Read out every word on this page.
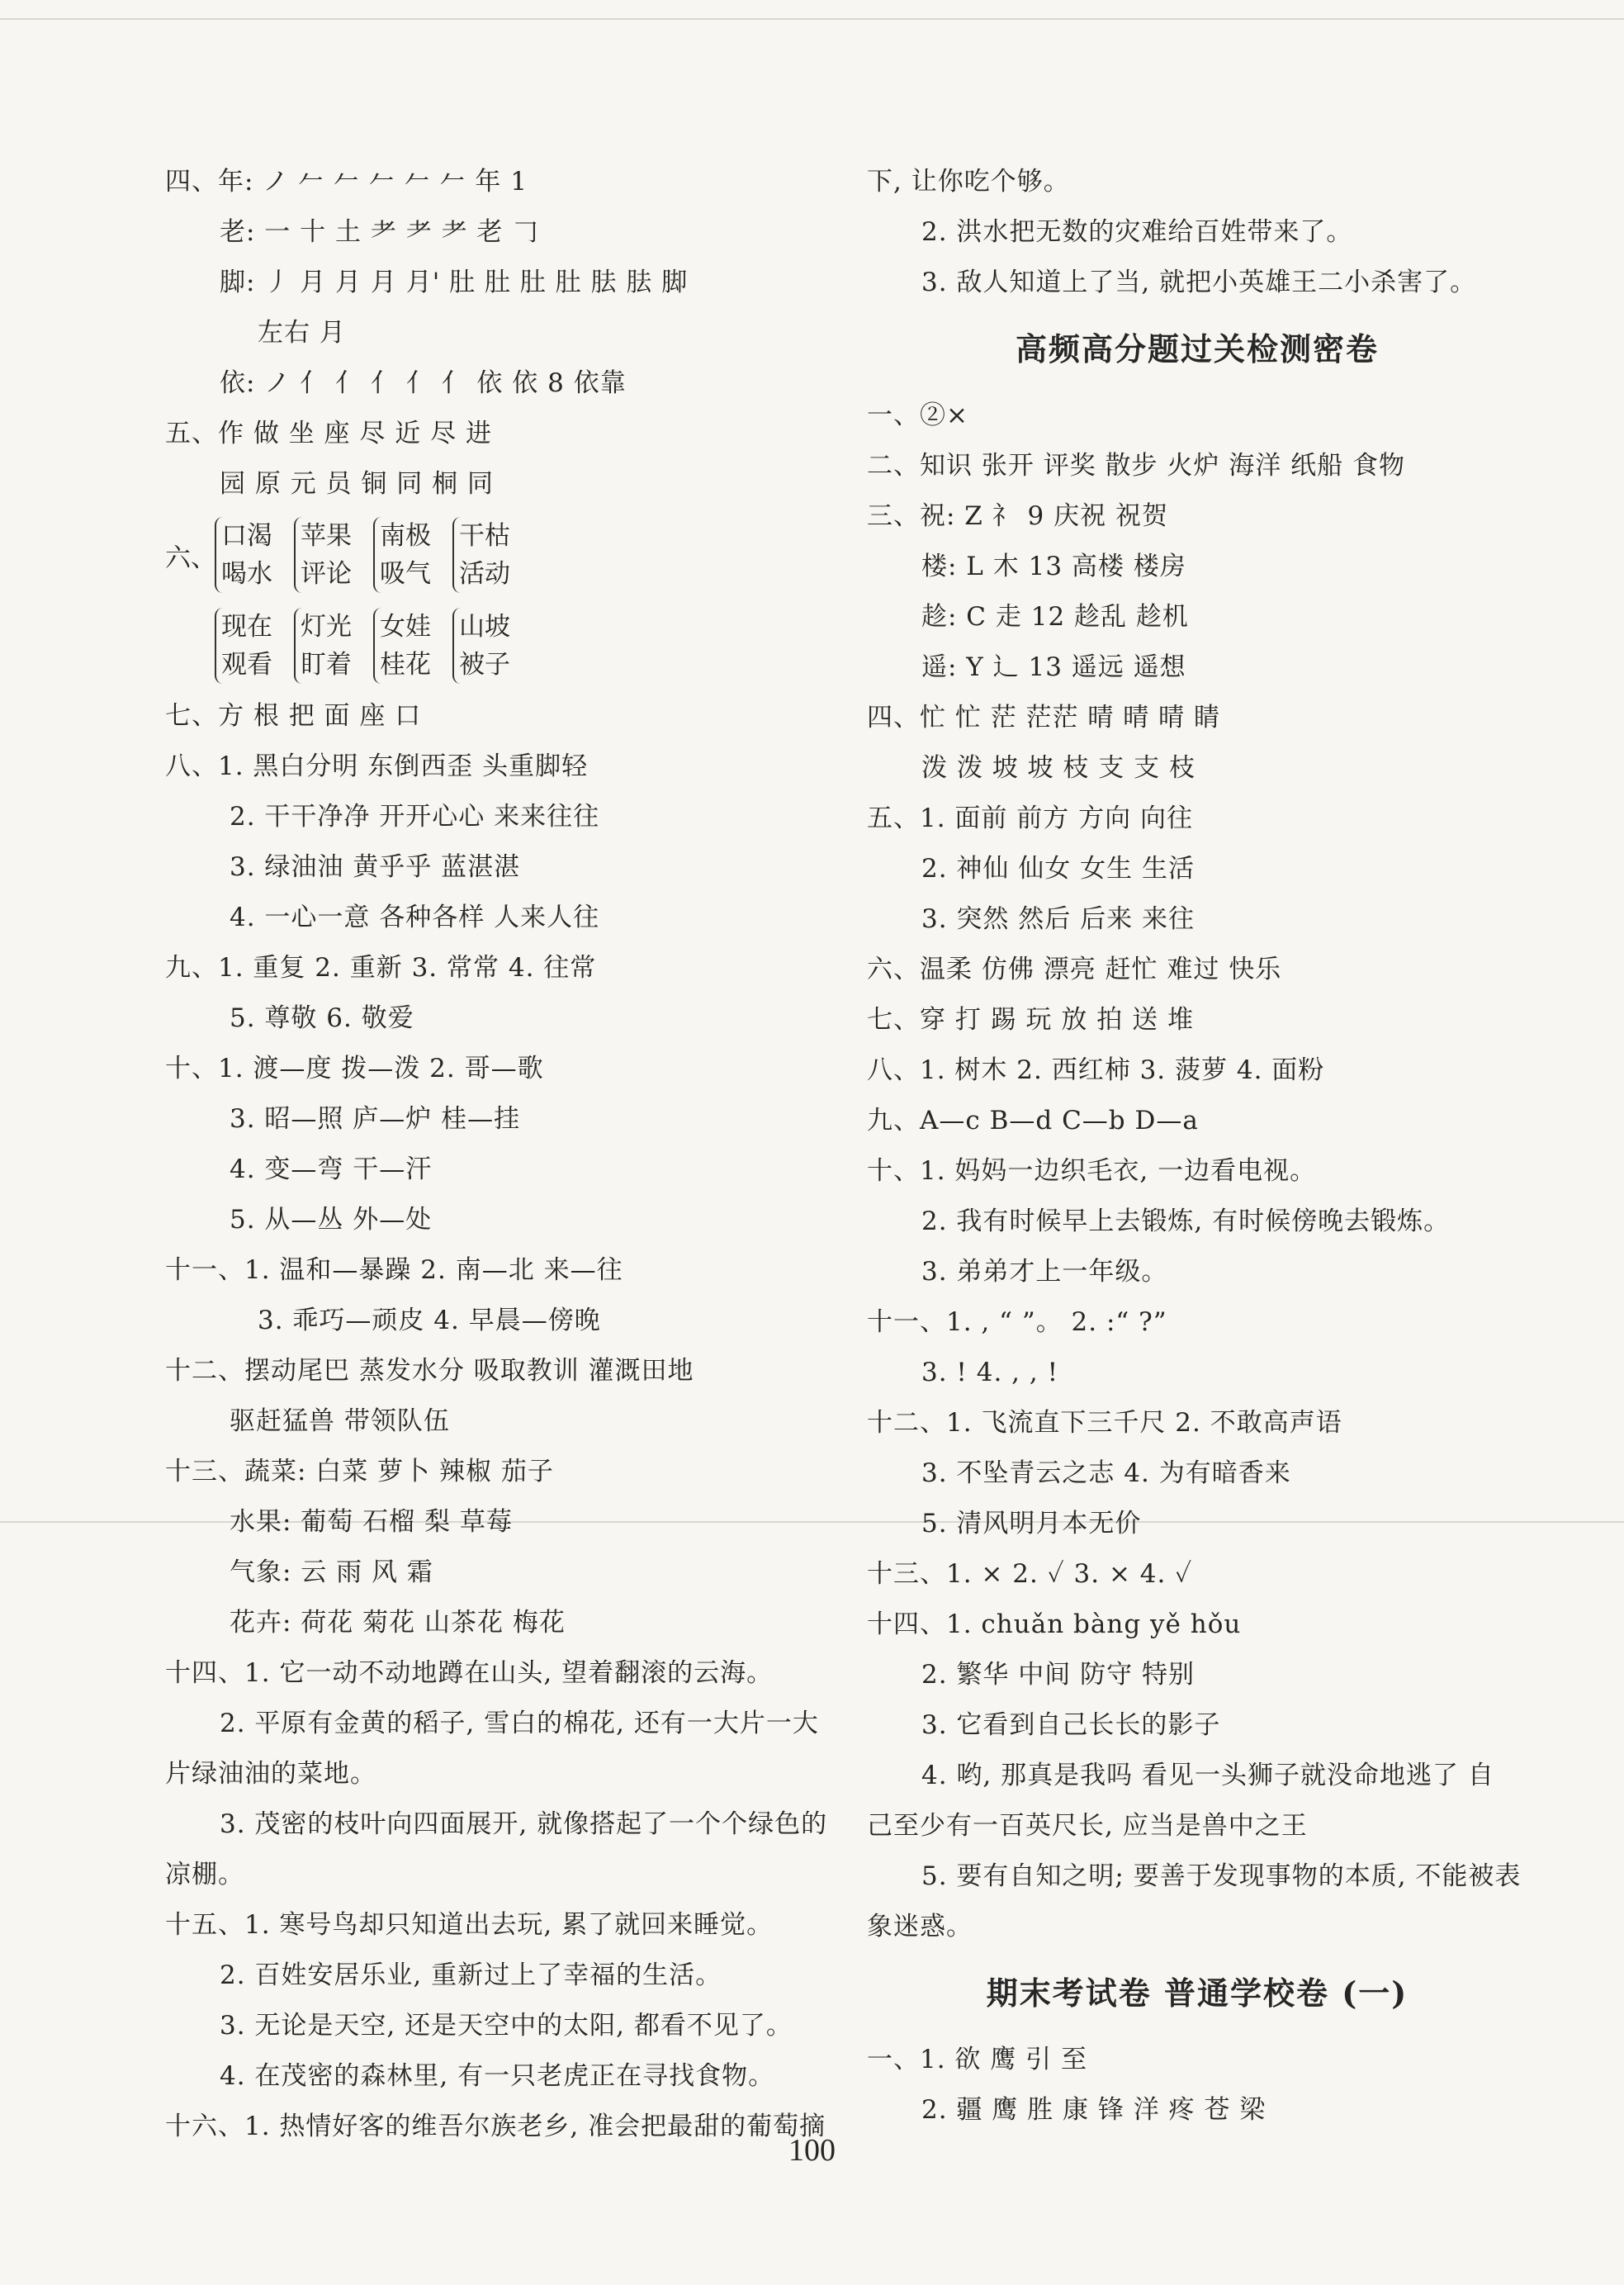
四、年: ノ 𠂉 𠂉 𠂉 𠂉 𠂉 年 1
老: 一 十 土 耂 耂 耂 老 𠃌
脚: 丿 月 月 月 月' 肚 肚 肚 肚 胠 胠 脚
左右 月
依: ノ 亻 亻 亻 亻 亻 依 依 8 依靠
五、作 做 坐 座 尽 近 尽 进
园 原 元 员 铜 同 桐 同
六、
口渴
喝水
苹果
评论
南极
吸气
干枯
活动
现在
观看
灯光
盯着
女娃
桂花
山坡
被子
七、方 根 把 面 座 口
八、1. 黑白分明 东倒西歪 头重脚轻
2. 干干净净 开开心心 来来往往
3. 绿油油 黄乎乎 蓝湛湛
4. 一心一意 各种各样 人来人往
九、1. 重复 2. 重新 3. 常常 4. 往常
5. 尊敬 6. 敬爱
十、1. 渡—度 拨—泼 2. 哥—歌
3. 昭—照 庐—炉 桂—挂
4. 变—弯 干—汗
5. 从—丛 外—处
十一、1. 温和—暴躁 2. 南—北 来—往
3. 乖巧—顽皮 4. 早晨—傍晚
十二、摆动尾巴 蒸发水分 吸取教训 灌溉田地
驱赶猛兽 带领队伍
十三、蔬菜: 白菜 萝卜 辣椒 茄子
水果: 葡萄 石榴 梨 草莓
气象: 云 雨 风 霜
花卉: 荷花 菊花 山茶花 梅花
十四、1. 它一动不动地蹲在山头, 望着翻滚的云海。
2. 平原有金黄的稻子, 雪白的棉花, 还有一大片一大
片绿油油的菜地。
3. 茂密的枝叶向四面展开, 就像搭起了一个个绿色的
凉棚。
十五、1. 寒号鸟却只知道出去玩, 累了就回来睡觉。
2. 百姓安居乐业, 重新过上了幸福的生活。
3. 无论是天空, 还是天空中的太阳, 都看不见了。
4. 在茂密的森林里, 有一只老虎正在寻找食物。
十六、1. 热情好客的维吾尔族老乡, 准会把最甜的葡萄摘
下, 让你吃个够。
2. 洪水把无数的灾难给百姓带来了。
3. 敌人知道上了当, 就把小英雄王二小杀害了。
高频高分题过关检测密卷
一、②×
二、知识 张开 评奖 散步 火炉 海洋 纸船 食物
三、祝: Z 礻 9 庆祝 祝贺
楼: L 木 13 高楼 楼房
趁: C 走 12 趁乱 趁机
遥: Y 辶 13 遥远 遥想
四、忙 忙 茫 茫茫 晴 晴 晴 睛
泼 泼 坡 坡 枝 支 支 枝
五、1. 面前 前方 方向 向往
2. 神仙 仙女 女生 生活
3. 突然 然后 后来 来往
六、温柔 仿佛 漂亮 赶忙 难过 快乐
七、穿 打 踢 玩 放 拍 送 堆
八、1. 树木 2. 西红柿 3. 菠萝 4. 面粉
九、A—c B—d C—b D—a
十、1. 妈妈一边织毛衣, 一边看电视。
2. 我有时候早上去锻炼, 有时候傍晚去锻炼。
3. 弟弟才上一年级。
十一、1. , “ ”。 2. :“ ?”
3. ! 4. , , !
十二、1. 飞流直下三千尺 2. 不敢高声语
3. 不坠青云之志 4. 为有暗香来
5. 清风明月本无价
十三、1. × 2. ✓ 3. × 4. ✓
十四、1. chuǎn bàng yě hǒu
2. 繁华 中间 防守 特别
3. 它看到自己长长的影子
4. 哟, 那真是我吗 看见一头狮子就没命地逃了 自
己至少有一百英尺长, 应当是兽中之王
5. 要有自知之明; 要善于发现事物的本质, 不能被表
象迷惑。
期末考试卷 普通学校卷 (一)
一、1. 欲 鹰 引 至
2. 疆 鹰 胜 康 锋 洋 疼 苍 梁
100
